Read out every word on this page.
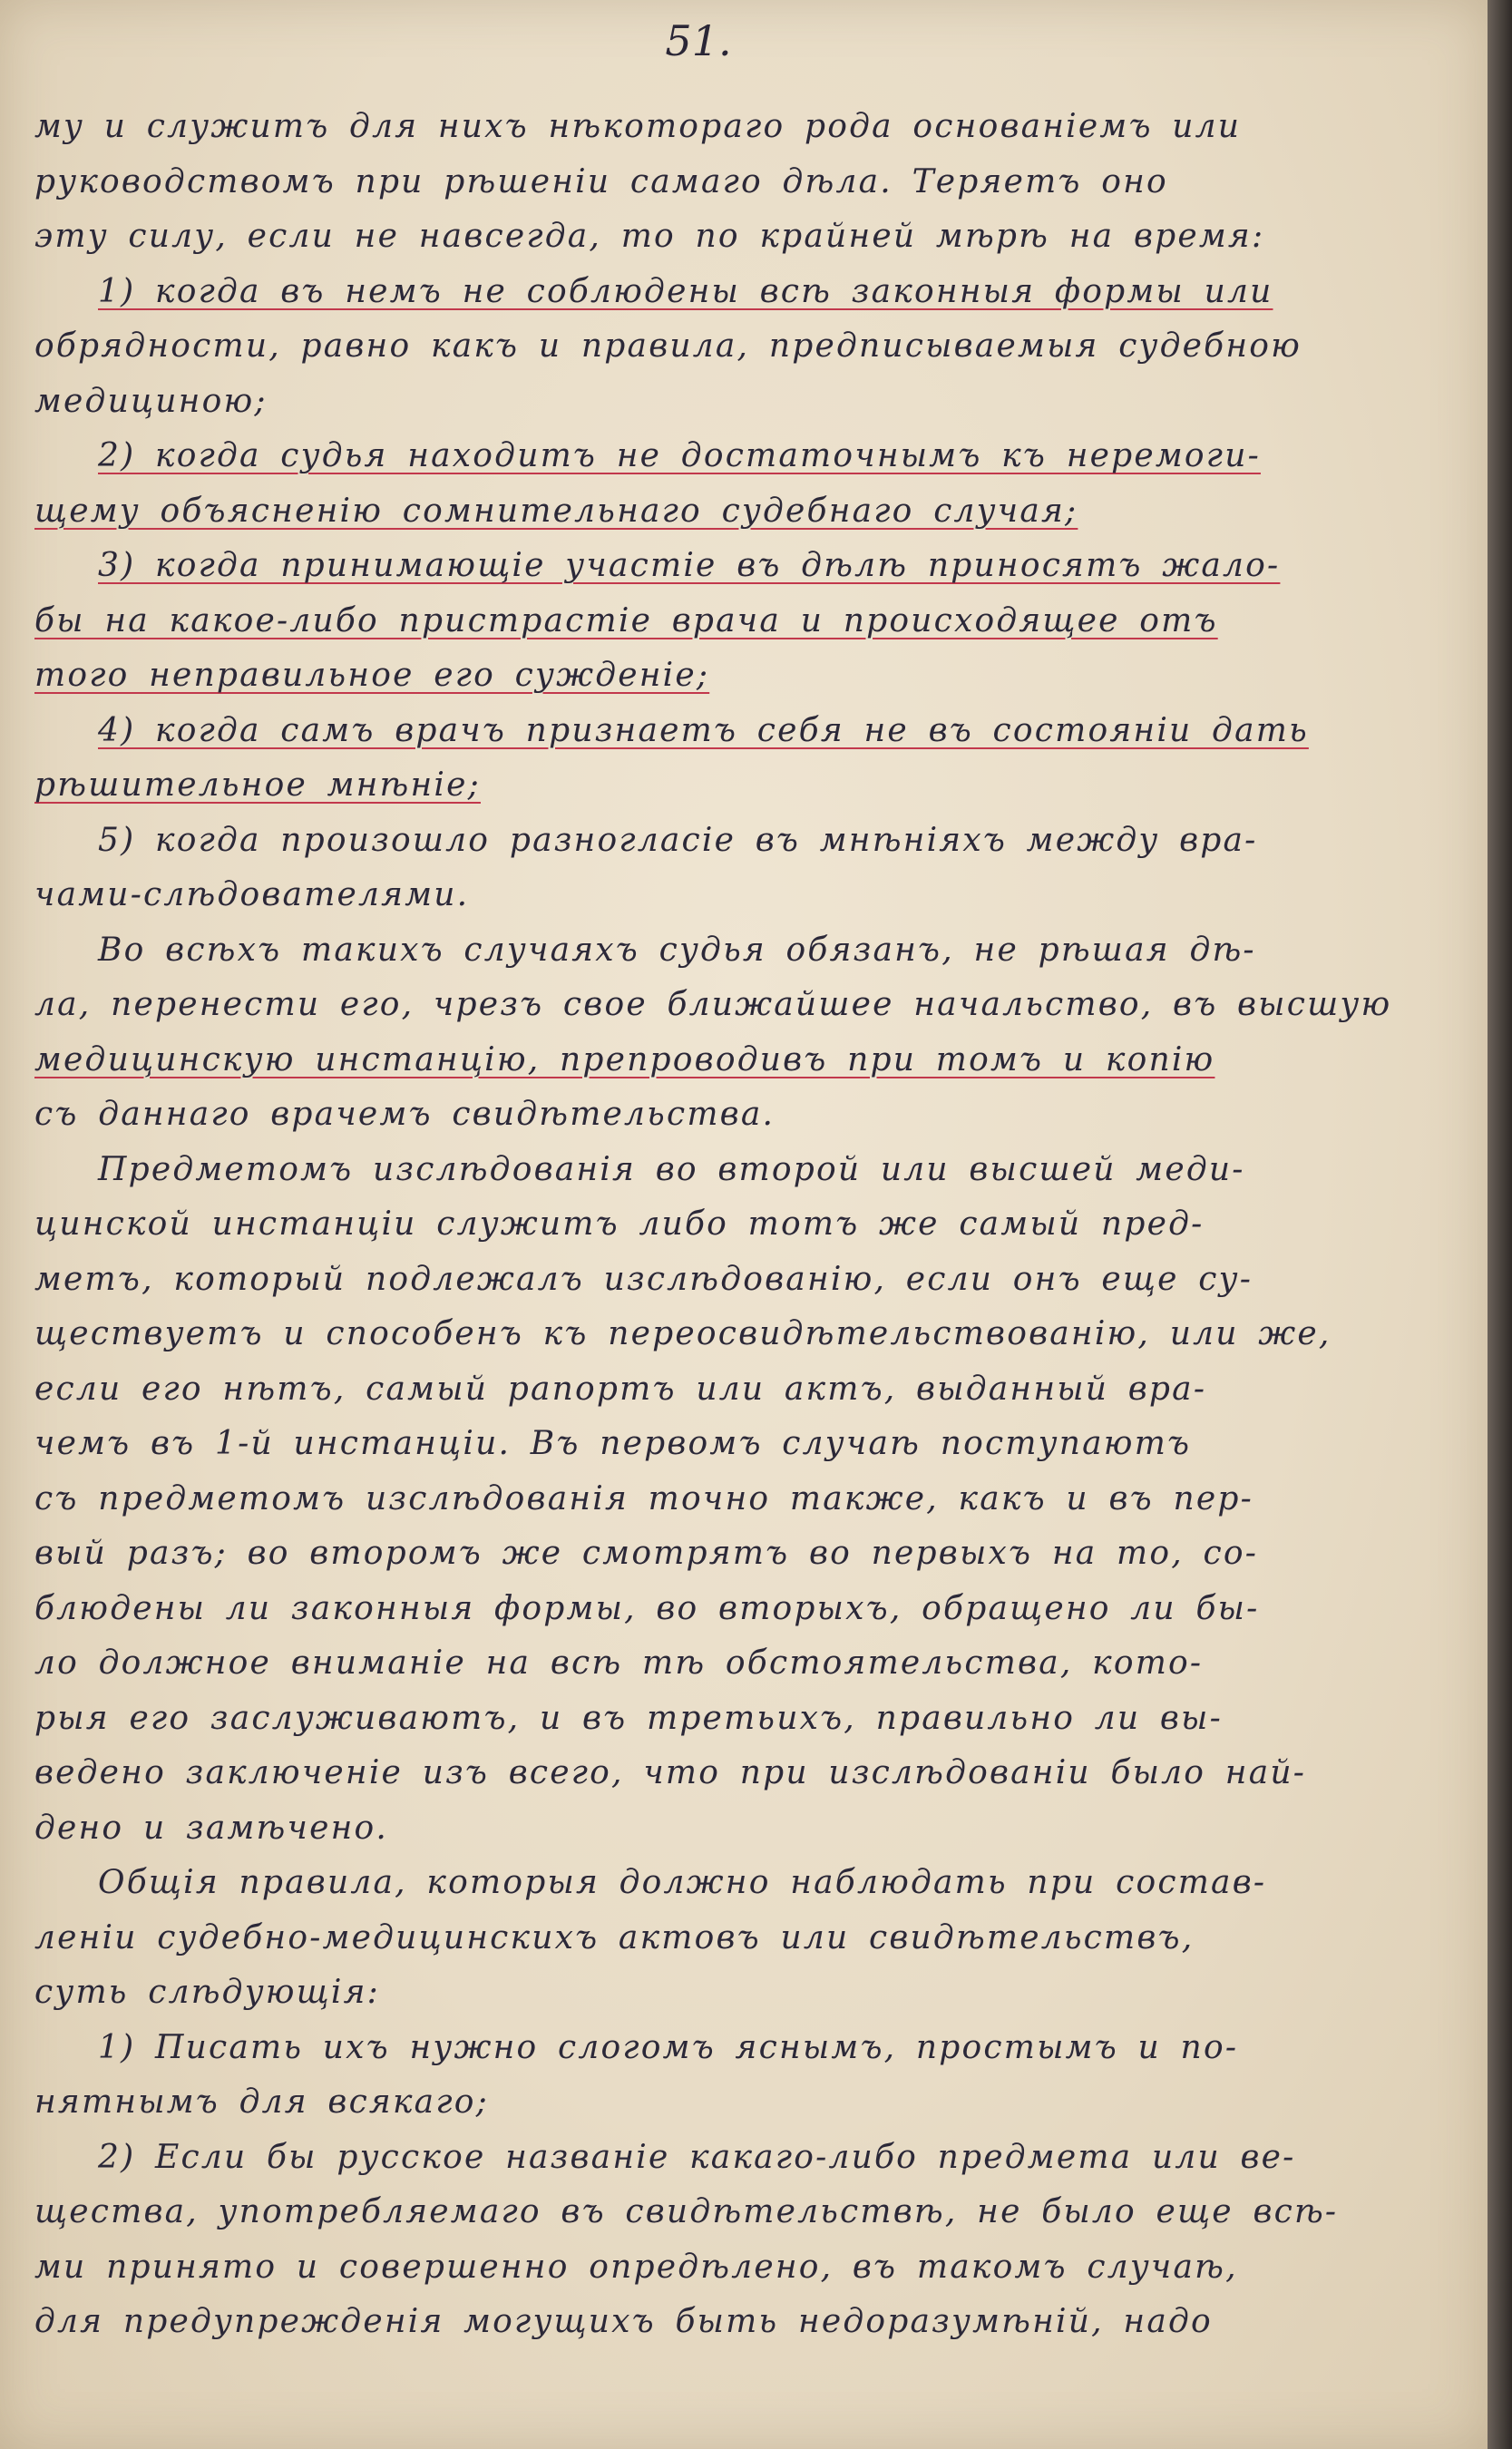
51.
му и служитъ для нихъ нѣкотораго рода основанiемъ или
руководствомъ при рѣшенiи самаго дѣла. Теряетъ оно
эту силу, если не навсегда, то по крайней мѣрѣ на время:
1) когда въ немъ не соблюдены всѣ законныя формы или
обрядности, равно какъ и правила, предписываемыя судебною
медициною;
2) когда судья находитъ не достаточнымъ къ неремоги-
щему объясненiю сомнительнаго судебнаго случая;
3) когда принимающiе участiе въ дѣлѣ приносятъ жало-
бы на какое-либо пристрастiе врача и происходящее отъ
того неправильное его сужденiе;
4) когда самъ врачъ признаетъ себя не въ состоянiи дать
рѣшительное мнѣнiе;
5) когда произошло разногласiе въ мнѣнiяхъ между вра-
чами-слѣдователями.
Во всѣхъ такихъ случаяхъ судья обязанъ, не рѣшая дѣ-
ла, перенести его, чрезъ свое ближайшее начальство, въ высшую
медицинскую инстанцiю, препроводивъ при томъ и копiю
съ даннаго врачемъ свидѣтельства.
Предметомъ изслѣдованiя во второй или высшей меди-
цинской инстанцiи служитъ либо тотъ же самый пред-
метъ, который подлежалъ изслѣдованiю, если онъ еще су-
ществуетъ и способенъ къ переосвидѣтельствованiю, или же,
если его нѣтъ, самый рапортъ или актъ, выданный вра-
чемъ въ 1-й инстанцiи. Въ первомъ случаѣ поступаютъ
съ предметомъ изслѣдованiя точно также, какъ и въ пер-
вый разъ; во второмъ же смотрятъ во первыхъ на то, со-
блюдены ли законныя формы, во вторыхъ, обращено ли бы-
ло должное вниманiе на всѣ тѣ обстоятельства, кото-
рыя его заслуживаютъ, и въ третьихъ, правильно ли вы-
ведено заключенiе изъ всего, что при изслѣдованiи было най-
дено и замѣчено.
Общiя правила, которыя должно наблюдать при состав-
ленiи судебно-медицинскихъ актовъ или свидѣтельствъ,
суть слѣдующiя:
1) Писать ихъ нужно слогомъ яснымъ, простымъ и по-
нятнымъ для всякаго;
2) Если бы русское названiе какаго-либо предмета или ве-
щества, употребляемаго въ свидѣтельствѣ, не было еще всѣ-
ми принято и совершенно опредѣлено, въ такомъ случаѣ,
для предупрежденiя могущихъ быть недоразумѣнiй, надо
